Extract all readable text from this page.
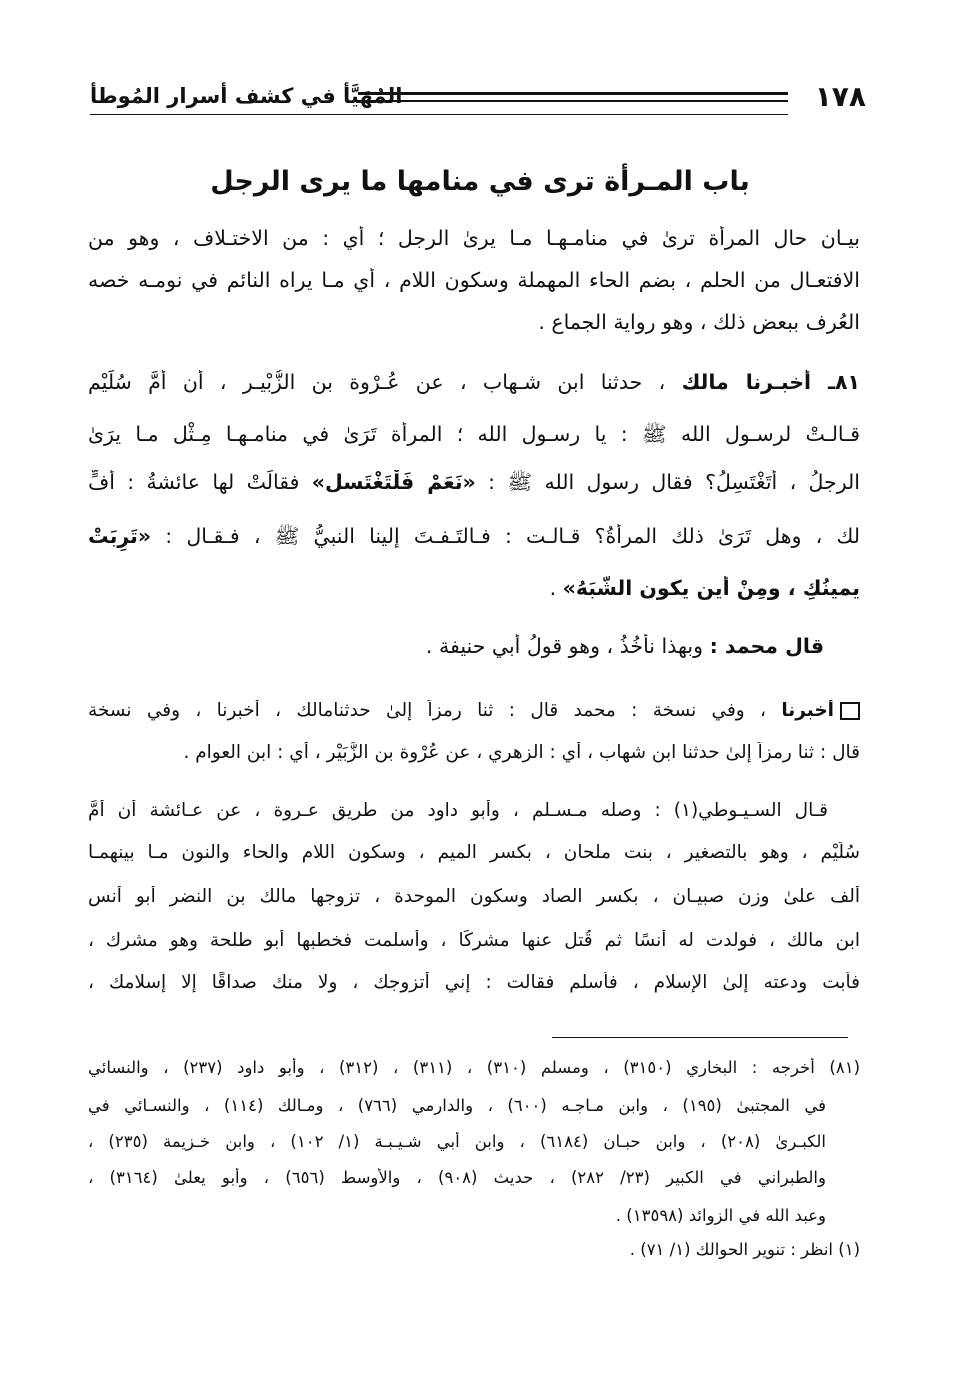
١٧٨
المُهَيَّأ في كشف أسرار المُوطأ
باب المـرأة ترى في منامها ما يرى الرجل
بيـان حال المرأة ترىٰ في منامـهـا مـا يرىٰ الرجل ؛ أي : من الاختـلاف ، وهو من
الافتعـال من الحلم ، بضم الحاء المهملة وسكون اللام ، أي مـا يراه النائم في نومـه خصه
العُرف ببعض ذلك ، وهو رواية الجماع .
٨١ـ أخبـرنا مالك ، حدثنا ابن شـهاب ، عن عُـرْوة بن الزُّبْيـر ، أن أمَّ سُلَيْم
قـالـتْ لرسـول الله ﷺ : يا رسـول الله ؛ المرأة تَرَىٰ في منامـهـا مِـثْل مـا يرَىٰ
الرجلُ ، أتَغْتَسِلُ؟ فقال رسول الله ﷺ : «نَعَمْ فَلْتَغْتَسل» فقالَتْ لها عائشةُ : أفٍّ
لك ، وهل تَرَىٰ ذلك المرأةُ؟ قـالـت : فـالتَـفـتَ إلينا النبيُّ ﷺ ، فـقـال : «تَرِبَتْ
يمينُكِ ، ومِنْ أين يكون الشَّبَهُ» .
قال محمد : وبهذا نأخُذُ ، وهو قولُ أبي حنيفة .
أخبرنا ، وفي نسخة : محمد قال : ثنا رمزاً إلىٰ حدثنامالك ، أخبرنا ، وفي نسخة
قال : ثنا رمزاً إلىٰ حدثنا ابن شهاب ، أي : الزهري ، عن عُرْوة بن الزُّبَيْر ، أي : ابن العوام .
قـال السـيـوطي(١) : وصله مـسـلم ، وأبو داود من طريق عـروة ، عن عـائشة أن أمَّ
سُلَيْم ، وهو بالتصغير ، بنت ملحان ، بكسر الميم ، وسكون اللام والحاء والنون مـا بينهمـا
ألف علىٰ وزن صبيـان ، بكسر الصاد وسكون الموحدة ، تزوجها مالك بن النضر أبو أنس
ابن مالك ، فولدت له أنسًا ثم قُتل عنها مشركًا ، وأسلمت فخطبها أبو طلحة وهو مشرك ،
فأبت ودعته إلىٰ الإسلام ، فأسلم فقالت : إني أتزوجك ، ولا منك صداقًا إلا إسلامك ،
(٨١) أخرجه : البخاري (٣١٥٠) ، ومسلم (٣١٠) ، (٣١١) ، (٣١٢) ، وأبو داود (٢٣٧) ، والنسائي
في المجتبىٰ (١٩٥) ، وابن مـاجـه (٦٠٠) ، والدارمي (٧٦٦) ، ومـالك (١١٤) ، والنسـائي في
الكبـرىٰ (٢٠٨) ، وابن حبـان (٦١٨٤) ، وابن أبي شـيـبـة (١/ ١٠٢) ، وابن خـزيمة (٢٣٥) ،
والطبراني في الكبير (٢٣/ ٢٨٢) ، حديث (٩٠٨) ، والأوسط (٦٥٦) ، وأبو يعلىٰ (٣١٦٤) ،
وعبد الله في الزوائد (١٣٥٩٨) .
(١) انظر : تنوير الحوالك (١/ ٧١) .
